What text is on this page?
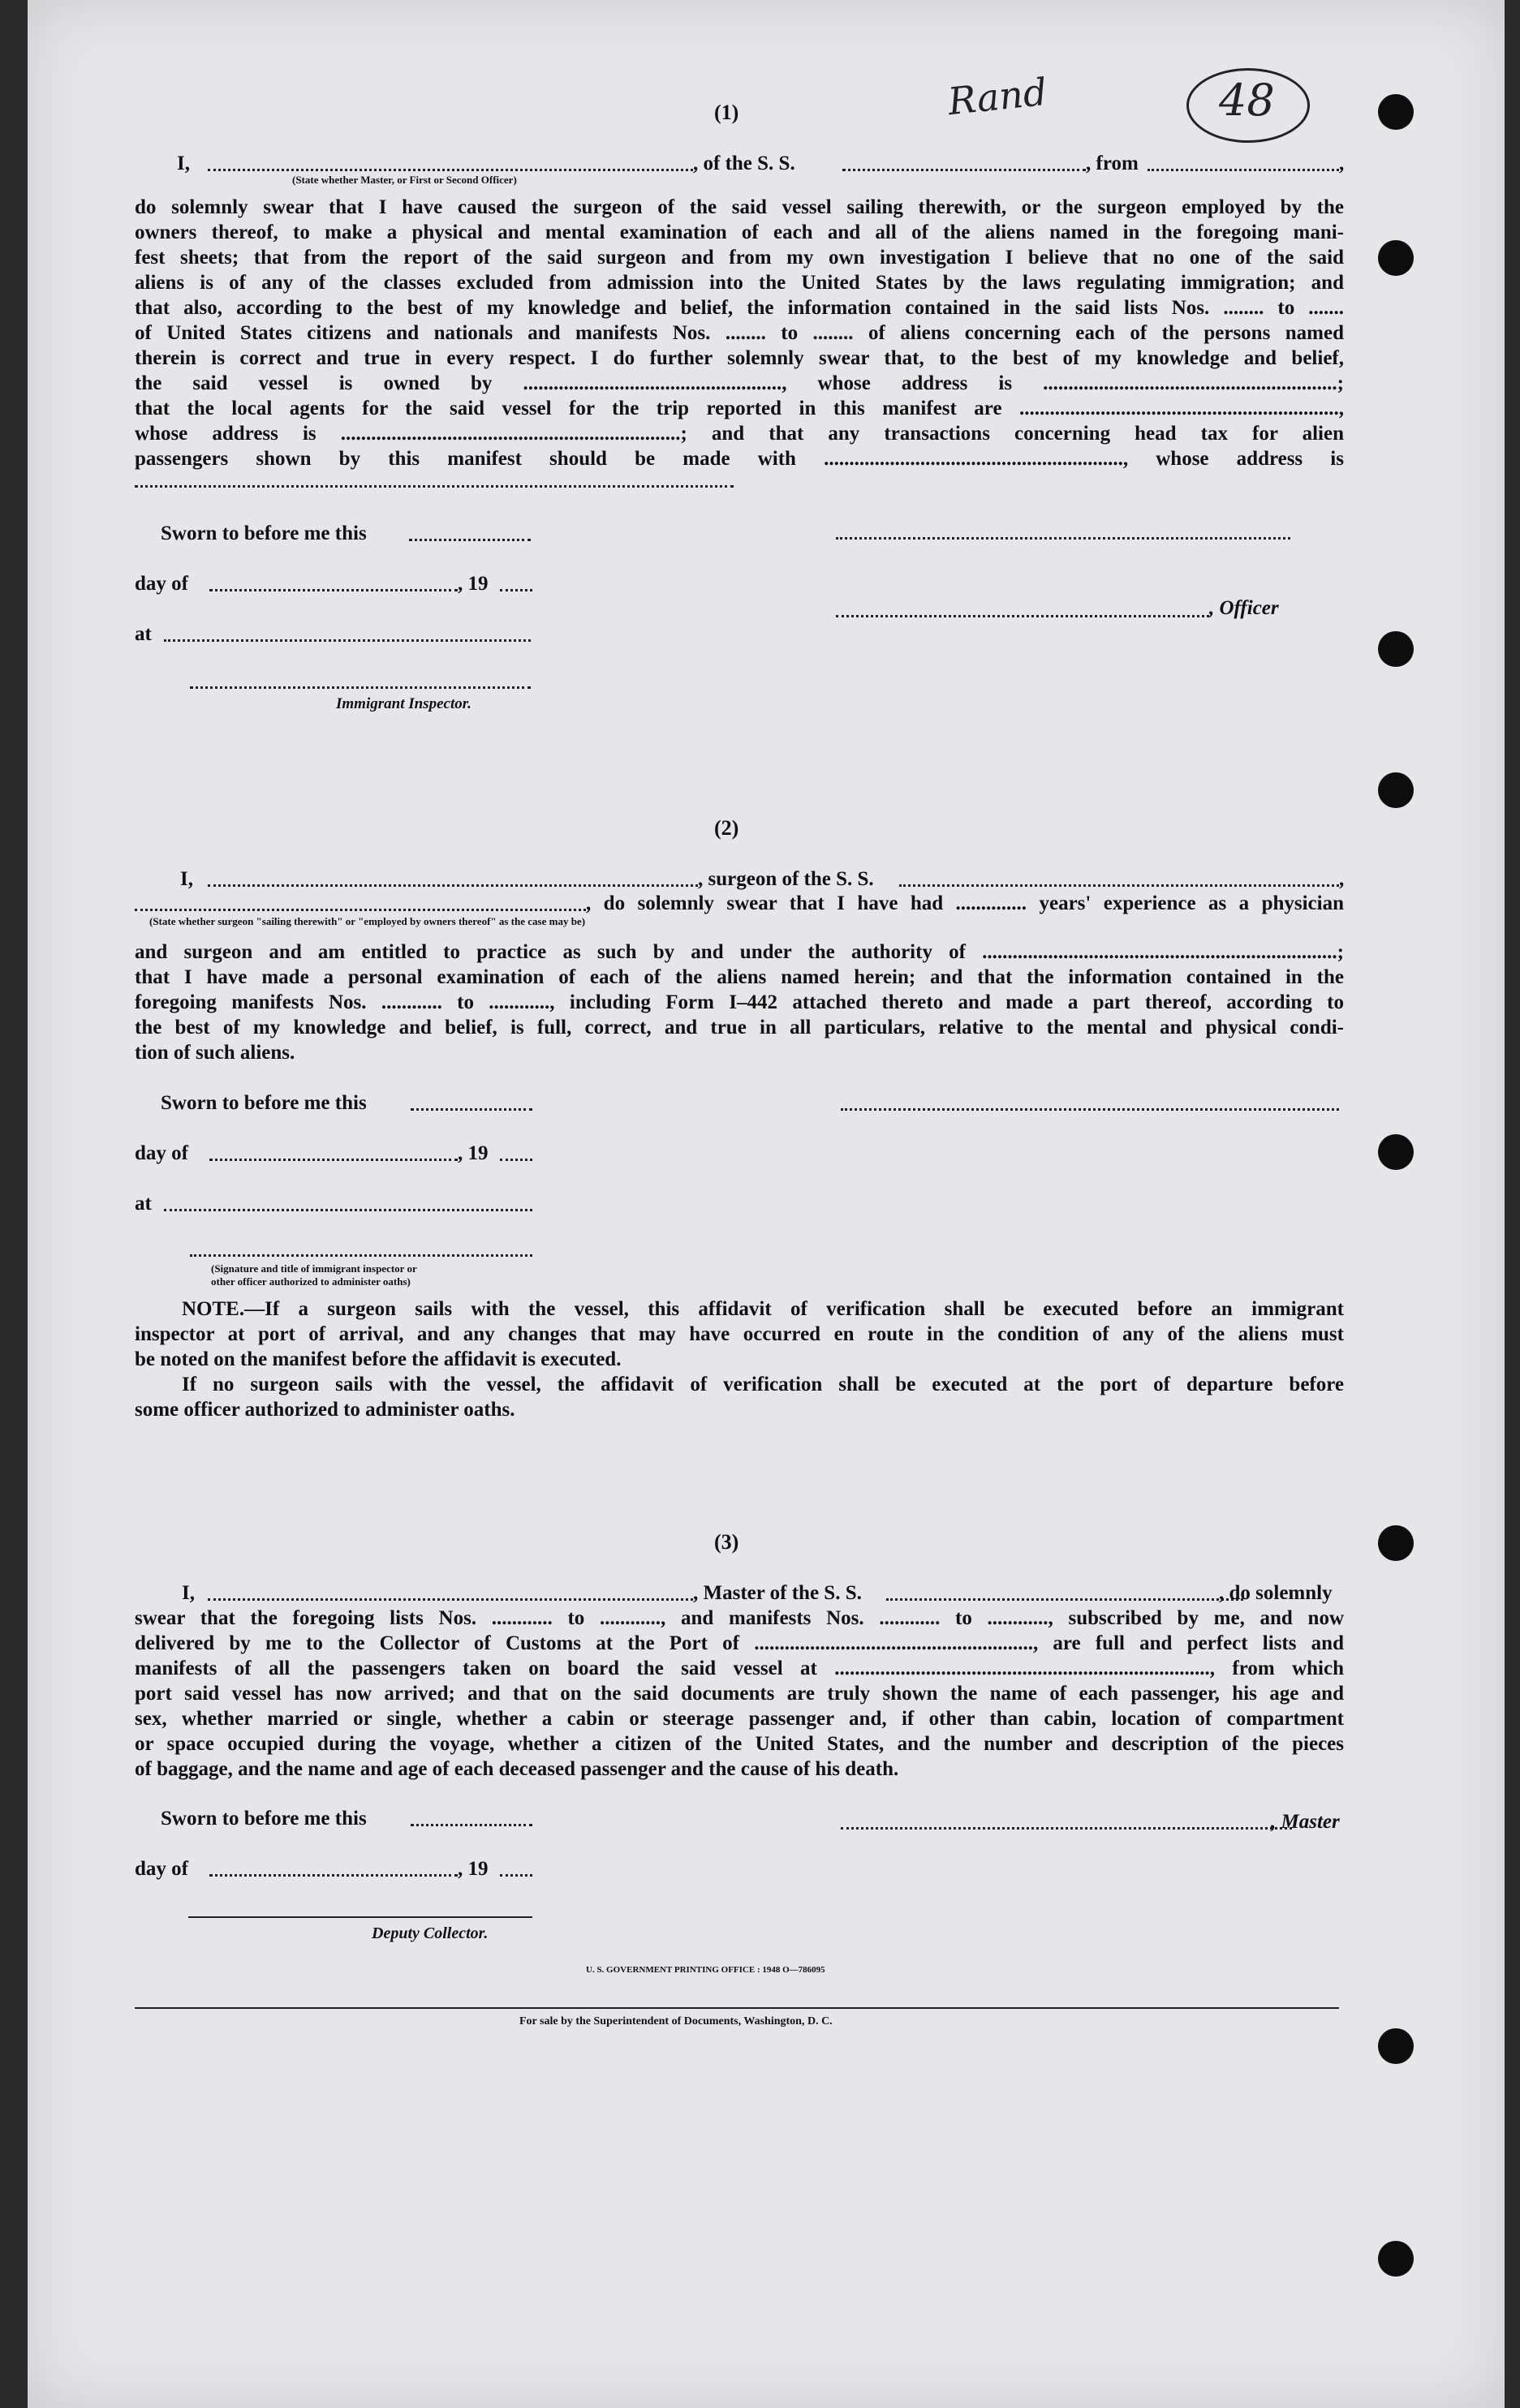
Rand	48
(1)
I,	, of the S. S.	, from	,
(State whether Master, or First or Second Officer)
do solemnly swear that I have caused the surgeon of the said vessel sailing therewith, or the surgeon employed by the
owners thereof, to make a physical and mental examination of each and all of the aliens named in the foregoing mani-
fest sheets; that from the report of the said surgeon and from my own investigation I believe that no one of the said
aliens is of any of the classes excluded from admission into the United States by the laws regulating immigration; and
that also, according to the best of my knowledge and belief, the information contained in the said lists Nos. ........ to .......
of United States citizens and nationals and manifests Nos. ........ to ........ of aliens concerning each of the persons named
therein is correct and true in every respect. I do further solemnly swear that, to the best of my knowledge and belief,
the said vessel is owned by ..................................................., whose address is ..........................................................;
that the local agents for the said vessel for the trip reported in this manifest are ...............................................................,
whose address is ...................................................................; and that any transactions concerning head tax for alien
passengers shown by this manifest should be made with ..........................................................., whose address is
Sworn to before me this
day of	, 19
, Officer
at
Immigrant Inspector.
(2)
I,	, surgeon of the S. S.	,
, do solemnly swear that I have had .............. years' experience as a physician
(State whether surgeon "sailing therewith" or "employed by owners thereof" as the case may be)
and surgeon and am entitled to practice as such by and under the authority of ......................................................................;
that I have made a personal examination of each of the aliens named herein; and that the information contained in the
foregoing manifests Nos. ............ to ............, including Form I–442 attached thereto and made a part thereof, according to
the best of my knowledge and belief, is full, correct, and true in all particulars, relative to the mental and physical condi-
tion of such aliens.
Sworn to before me this
day of	, 19
at
(Signature and title of immigrant inspector or
other officer authorized to administer oaths)
NOTE.—If a surgeon sails with the vessel, this affidavit of verification shall be executed before an immigrant
inspector at port of arrival, and any changes that may have occurred en route in the condition of any of the aliens must
be noted on the manifest before the affidavit is executed.
If no surgeon sails with the vessel, the affidavit of verification shall be executed at the port of departure before
some officer authorized to administer oaths.
(3)
I,	, Master of the S. S.	, do solemnly
swear that the foregoing lists Nos. ............ to ............, and manifests Nos. ............ to ............, subscribed by me, and now
delivered by me to the Collector of Customs at the Port of ......................................................., are full and perfect lists and
manifests of all the passengers taken on board the said vessel at .........................................................................., from which
port said vessel has now arrived; and that on the said documents are truly shown the name of each passenger, his age and
sex, whether married or single, whether a cabin or steerage passenger and, if other than cabin, location of compartment
or space occupied during the voyage, whether a citizen of the United States, and the number and description of the pieces
of baggage, and the name and age of each deceased passenger and the cause of his death.
Sworn to before me this	, Master
day of	, 19
Deputy Collector.
U. S. GOVERNMENT PRINTING OFFICE : 1948 O—786095
For sale by the Superintendent of Documents, Washington, D. C.
